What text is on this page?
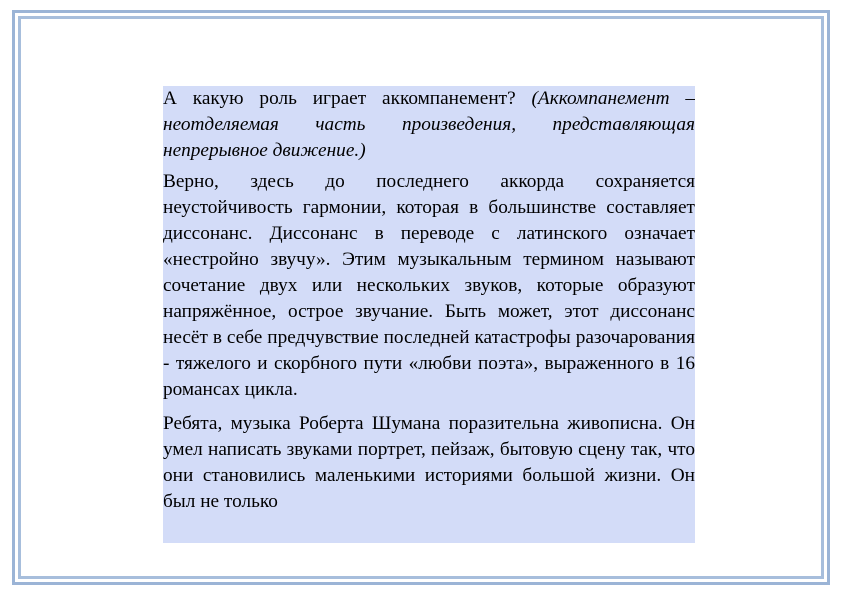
А какую роль играет аккомпанемент? (Аккомпанемент – неотделяемая часть произведения, представляющая непрерывное движение.)

Верно, здесь до последнего аккорда сохраняется неустойчивость гармонии, которая в большинстве составляет диссонанс. Диссонанс в переводе с латинского означает «нестройно звучу». Этим музыкальным термином называют сочетание двух или нескольких звуков, которые образуют напряжённое, острое звучание. Быть может, этот диссонанс несёт в себе предчувствие последней катастрофы разочарования - тяжелого и скорбного пути «любви поэта», выраженного в 16 романсах цикла.

Ребята, музыка Роберта Шумана поразительна живописна. Он умел написать звуками портрет, пейзаж, бытовую сцену так, что они становились маленькими историями большой жизни. Он был не только
